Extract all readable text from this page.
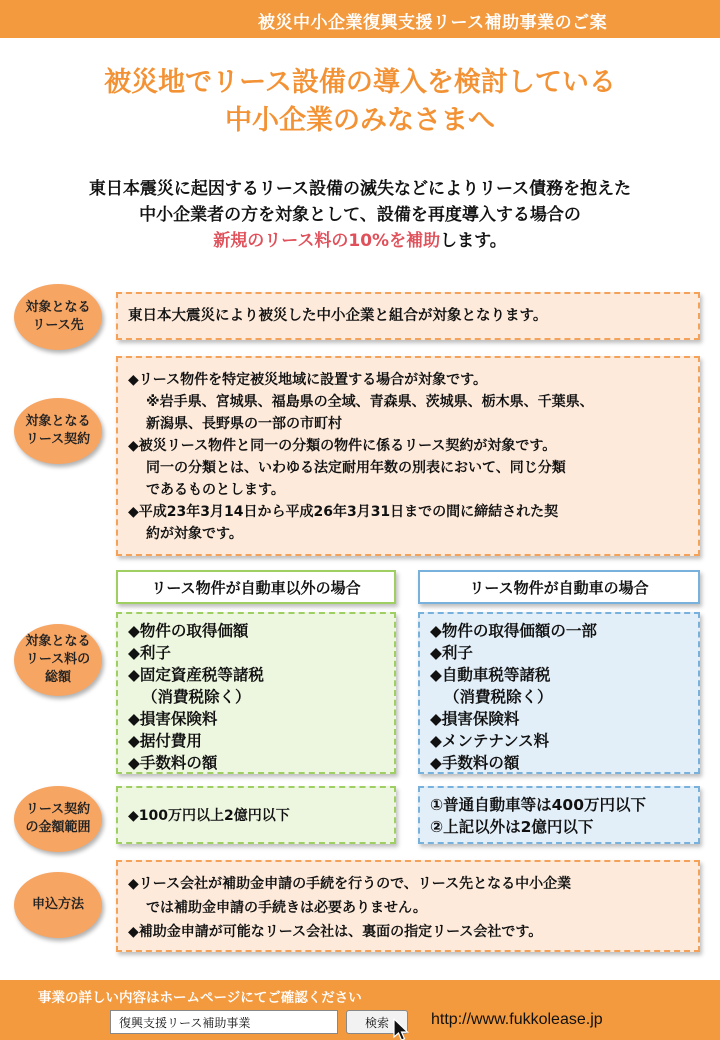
被災中小企業復興支援リース補助事業のご案
被災地でリース設備の導入を検討している
中小企業のみなさまへ
東日本震災に起因するリース設備の滅失などによりリース債務を抱えた
中小企業者の方を対象として、設備を再度導入する場合の
新規のリース料の10%を補助します。
対象となる
リース先
東日本大震災により被災した中小企業と組合が対象となります。
対象となる
リース契約
◆リース物件を特定被災地域に設置する場合が対象です。
※岩手県、宮城県、福島県の全域、青森県、茨城県、栃木県、千葉県、
新潟県、長野県の一部の市町村
◆被災リース物件と同一の分類の物件に係るリース契約が対象です。
同一の分類とは、いわゆる法定耐用年数の別表において、同じ分類
であるものとします。
◆平成23年3月14日から平成26年3月31日までの間に締結された契
約が対象です。
対象となる
リース料の
総額
リース物件が自動車以外の場合	リース物件が自動車の場合
◆物件の取得価額
◆利子
◆固定資産税等諸税
（消費税除く）
◆損害保険料
◆据付費用
◆手数料の額
◆物件の取得価額の一部
◆利子
◆自動車税等諸税
（消費税除く）
◆損害保険料
◆メンテナンス料
◆手数料の額
リース契約
の金額範囲
◆100万円以上2億円以下
①普通自動車等は400万円以下
②上記以外は2億円以下
申込方法
◆リース会社が補助金申請の手続を行うので、リース先となる中小企業
では補助金申請の手続きは必要ありません。
◆補助金申請が可能なリース会社は、裏面の指定リース会社です。
事業の詳しい内容はホームページにてご確認ください
復興支援リース補助事業
検索	http://www.fukkolease.jp
